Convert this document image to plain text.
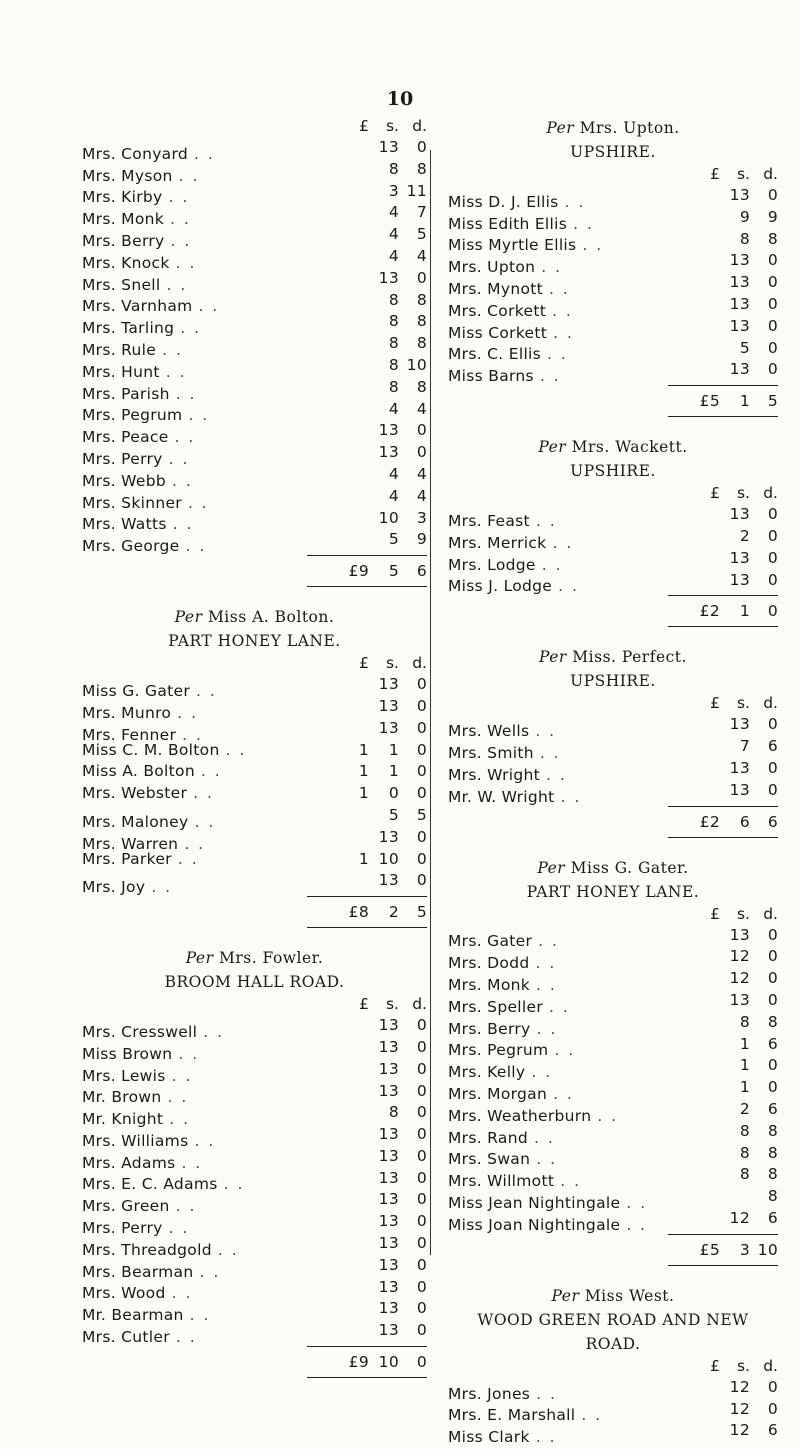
10
£	s. d.
Mrs. Conyard . .	13	0
Mrs. Myson . .	8	8
Mrs. Kirby . .	3 11
Mrs. Monk . .	4	7
Mrs. Berry . .	4	5
Mrs. Knock . .	4	4
Mrs. Snell . .	13	0
Mrs. Varnham . .	8	8
Mrs. Tarling . .	8	8
Mrs. Rule . .	8	8
Mrs. Hunt . .	8 10
Mrs. Parish . .	8	8
Mrs. Pegrum . .	4	4
Mrs. Peace . .	13	0
Mrs. Perry . .	13	0
Mrs. Webb . .	4	4
Mrs. Skinner . .	4	4
Mrs. Watts . .	10	3
Mrs. George . .	5	9
£9	5	6
Per Miss A. Bolton.
PART HONEY LANE.
£	s. d.
Miss G. Gater . .	13	0
Mrs. Munro . .	13	0
Mrs. Fenner . .	13	0
Miss C. M. Bolton . .	1	1	0
Miss A. Bolton . .	1	1	0
Mrs. Webster . .	1	0	0
Mrs. Maloney . .	5	5
Mrs. Warren . .	13	0
Mrs. Parker . .	1 10	0
Mrs. Joy . .	13	0
£8	2	5
Per Mrs. Fowler.
BROOM HALL ROAD.
£	s. d.
Mrs. Cresswell . .	13	0
Miss Brown . .	13	0
Mrs. Lewis . .	13	0
Mr. Brown . .	13	0
Mr. Knight . .	8	0
Mrs. Williams . .	13	0
Mrs. Adams . .	13	0
Mrs. E. C. Adams . .	13	0
Mrs. Green . .	13	0
Mrs. Perry . .	13	0
Mrs. Threadgold . .	13	0
Mrs. Bearman . .	13	0
Mrs. Wood . .	13	0
Mr. Bearman . .	13	0
Mrs. Cutler . .	13	0
£9 10	0
Per Mrs. Upton.
UPSHIRE.
£	s. d.
Miss D. J. Ellis . .	13	0
Miss Edith Ellis . .	9	9
Miss Myrtle Ellis . .	8	8
Mrs. Upton . .	13	0
Mrs. Mynott . .	13	0
Mrs. Corkett . .	13	0
Miss Corkett . .	13	0
Mrs. C. Ellis . .	5	0
Miss Barns . .	13	0
£5	1	5
Per Mrs. Wackett.
UPSHIRE.
£	s. d.
Mrs. Feast . .	13	0
Mrs. Merrick . .	2	0
Mrs. Lodge . .	13	0
Miss J. Lodge . .	13	0
£2	1	0
Per Miss. Perfect.
UPSHIRE.
£	s. d.
Mrs. Wells . .	13	0
Mrs. Smith . .	7	6
Mrs. Wright . .	13	0
Mr. W. Wright . .	13	0
£2	6	6
Per Miss G. Gater.
PART HONEY LANE.
£	s. d.
Mrs. Gater . .	13	0
Mrs. Dodd . .	12	0
Mrs. Monk . .	12	0
Mrs. Speller . .	13	0
Mrs. Berry . .	8	8
Mrs. Pegrum . .	1	6
Mrs. Kelly . .	1	0
Mrs. Morgan . .	1	0
Mrs. Weatherburn . .	2	6
Mrs. Rand . .	8	8
Mrs. Swan . .	8	8
Mrs. Willmott . .	8	8
Miss Jean Nightingale . .	8
Miss Joan Nightingale . .	12	6
£5	3 10
Per Miss West.
WOOD GREEN ROAD AND NEW ROAD.
£	s. d.
Mrs. Jones . .	12	0
Mrs. E. Marshall . .	12	0
Miss Clark . .	12	6
